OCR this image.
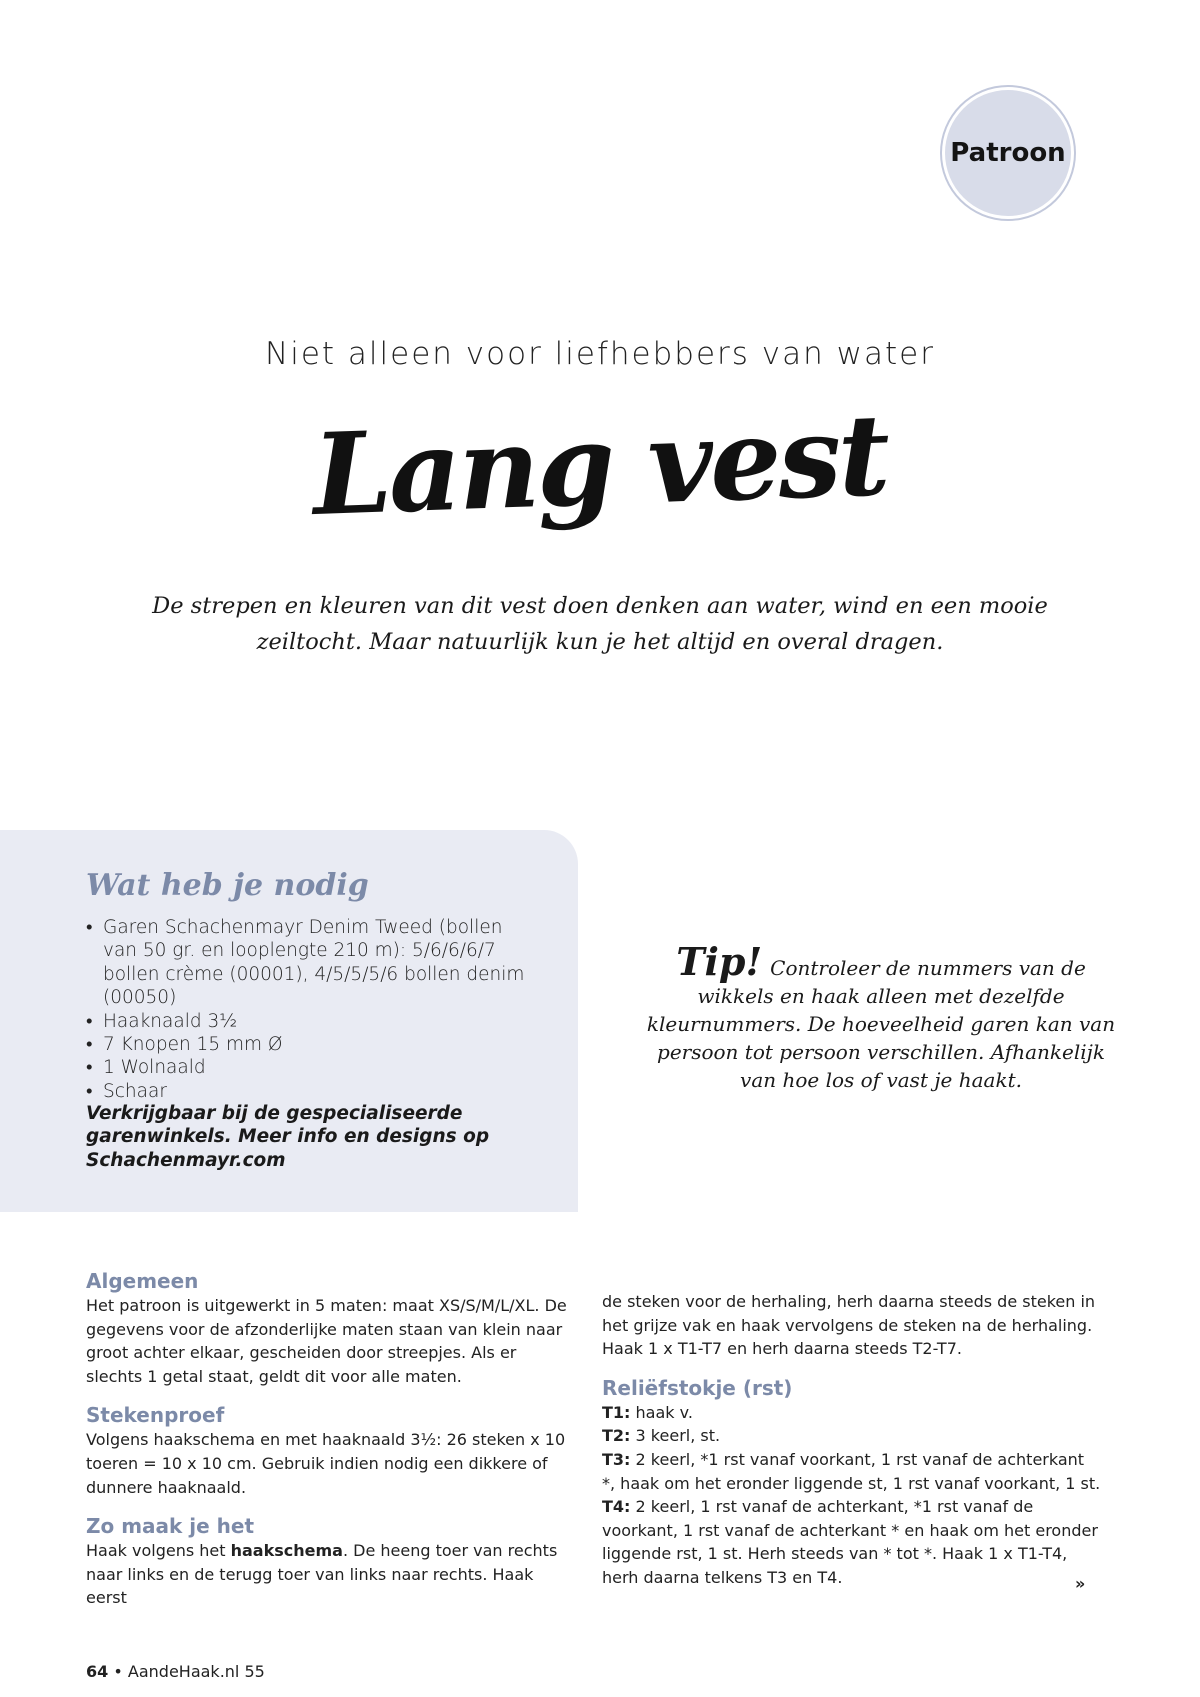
Patroon
Niet alleen voor liefhebbers van water
Lang vest
De strepen en kleuren van dit vest doen denken aan water, wind en een mooie zeiltocht. Maar natuurlijk kun je het altijd en overal dragen.
Wat heb je nodig
• Garen Schachenmayr Denim Tweed (bollen van 50 gr. en looplengte 210 m): 5/6/6/6/7 bollen crème (00001), 4/5/5/5/6 bollen denim (00050)
• Haaknaald 3½
• 7 Knopen 15 mm Ø
• 1 Wolnaald
• Schaar
Verkrijgbaar bij de gespecialiseerde garenwinkels. Meer info en designs op Schachenmayr.com
Tip! Controleer de nummers van de wikkels en haak alleen met dezelfde kleurnummers. De hoeveelheid garen kan van persoon tot persoon verschillen. Afhankelijk van hoe los of vast je haakt.

Algemeen

Het patroon is uitgewerkt in 5 maten: maat XS/S/M/L/XL. De gegevens voor de afzonderlijke maten staan van klein naar groot achter elkaar, gescheiden door streepjes. Als er slechts 1 getal staat, geldt dit voor alle maten.

Stekenproef

Volgens haakschema en met haaknaald 3½: 26 steken x 10 toeren = 10 x 10 cm. Gebruik indien nodig een dikkere of dunnere haaknaald.

Zo maak je het

Haak volgens het haakschema. De heeng toer van rechts naar links en de terugg toer van links naar rechts. Haak eerst

de steken voor de herhaling, herh daarna steeds de steken in het grijze vak en haak vervolgens de steken na de herhaling. Haak 1 x T1-T7 en herh daarna steeds T2-T7.

Reliëfstokje (rst)

T1: haak v.

T2: 3 keerl, st.

T3: 2 keerl, *1 rst vanaf voorkant, 1 rst vanaf de achterkant *, haak om het eronder liggende st, 1 rst vanaf voorkant, 1 st.

T4: 2 keerl, 1 rst vanaf de achterkant, *1 rst vanaf de voorkant, 1 rst vanaf de achterkant * en haak om het eronder liggende rst, 1 st. Herh steeds van * tot *. Haak 1 x T1-T4, herh daarna telkens T3 en T4.	»
64 • AandeHaak.nl 55
